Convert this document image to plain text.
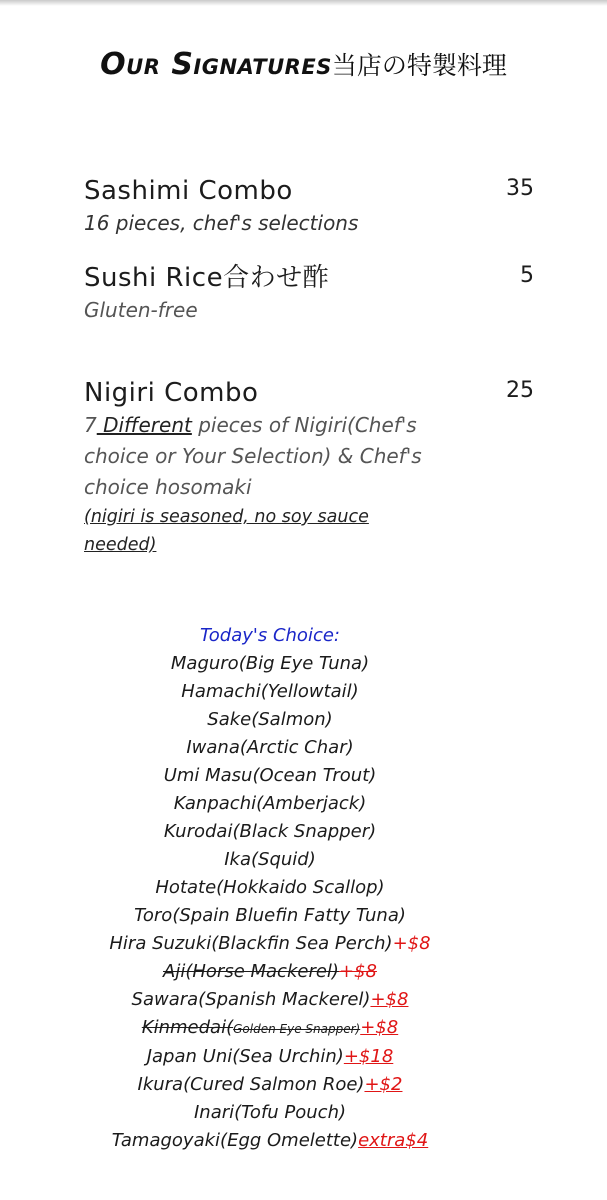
Our Signatures当店の特製料理
Sashimi Combo	35
16 pieces, chef's selections
Sushi Rice合わせ酢	5
Gluten-free
Nigiri Combo	25
7 Different pieces of Nigiri(Chef's choice or Your Selection) & Chef's choice hosomaki
(nigiri is seasoned, no soy sauce needed)
Today's Choice:
Maguro(Big Eye Tuna)
Hamachi(Yellowtail)
Sake(Salmon)
Iwana(Arctic Char)
Umi Masu(Ocean Trout)
Kanpachi(Amberjack)
Kurodai(Black Snapper)
Ika(Squid)
Hotate(Hokkaido Scallop)
Toro(Spain Bluefin Fatty Tuna)
Hira Suzuki(Blackfin Sea Perch)+$8
Aji(Horse Mackerel)+$8
Sawara(Spanish Mackerel)+$8
Kinmedai(Golden Eye Snapper)+$8
Japan Uni(Sea Urchin)+$18
Ikura(Cured Salmon Roe)+$2
Inari(Tofu Pouch)
Tamagoyaki(Egg Omelette)extra$4
